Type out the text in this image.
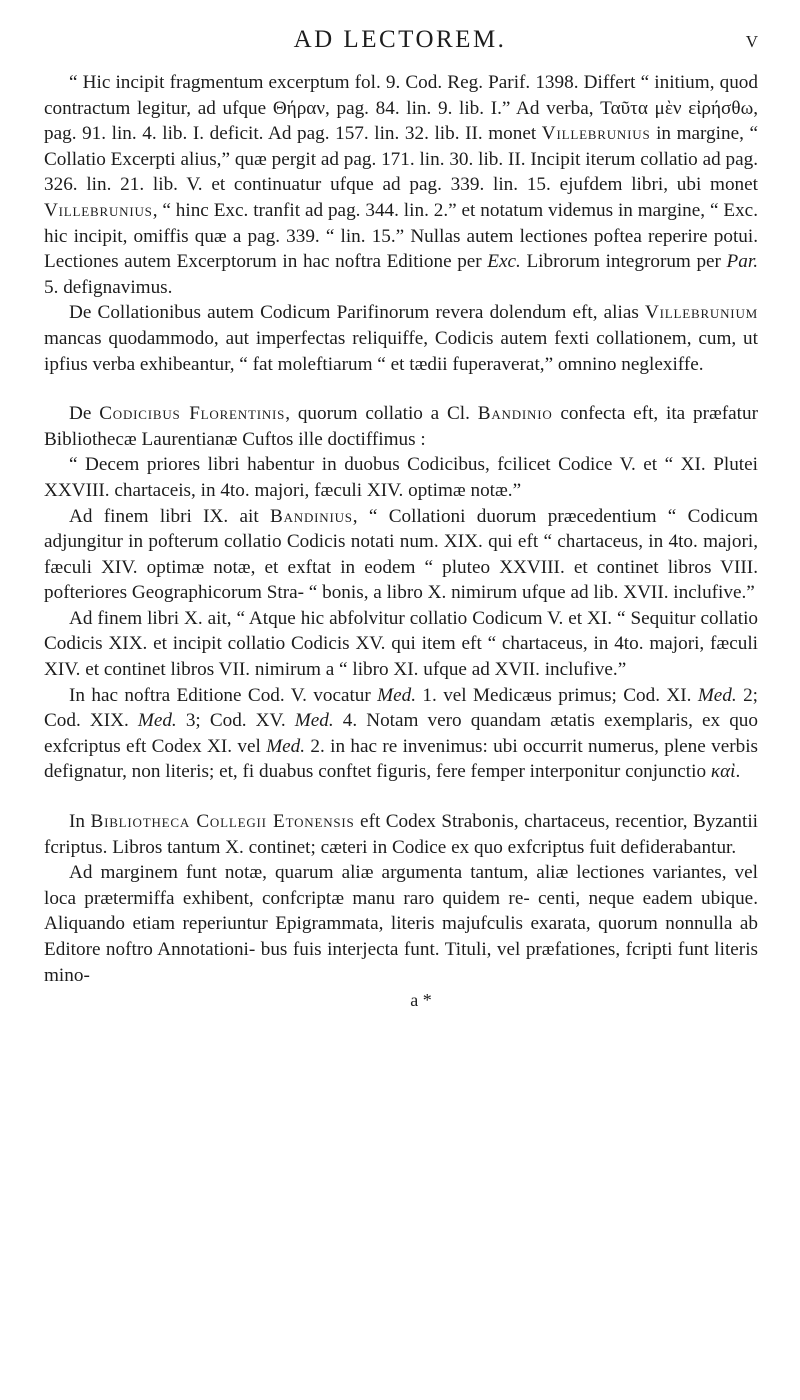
AD LECTOREM.	V

“ Hic incipit fragmentum excerptum fol. 9. Cod. Reg. Parif. 1398. Differt “ initium, quod contractum legitur, ad ufque Θήραν, pag. 84. lin. 9. lib. I.” Ad verba, Ταῦτα μὲν εἰρήσθω, pag. 91. lin. 4. lib. I. deficit. Ad pag. 157. lin. 32. lib. II. monet Villebrunius in margine, “ Collatio Excerpti alius,” quæ pergit ad pag. 171. lin. 30. lib. II. Incipit iterum collatio ad pag. 326. lin. 21. lib. V. et continuatur ufque ad pag. 339. lin. 15. ejufdem libri, ubi monet Villebrunius, “ hinc Exc. tranfit ad pag. 344. lin. 2.” et notatum videmus in margine, “ Exc. hic incipit, omiffis quæ a pag. 339. “ lin. 15.” Nullas autem lectiones poftea reperire potui. Lectiones autem Excerptorum in hac noftra Editione per Exc. Librorum integrorum per Par. 5. defignavimus.

De Collationibus autem Codicum Parifinorum revera dolendum eft, alias Villebrunium mancas quodammodo, aut imperfectas reliquiffe, Codicis autem fexti collationem, cum, ut ipfius verba exhibeantur, “ fat moleftiarum “ et tædii fuperaverat,” omnino neglexiffe.

De Codicibus Florentinis, quorum collatio a Cl. Bandinio confecta eft, ita præfatur Bibliothecæ Laurentianæ Cuftos ille doctiffimus :

“ Decem priores libri habentur in duobus Codicibus, fcilicet Codice V. et “ XI. Plutei XXVIII. chartaceis, in 4to. majori, fæculi XIV. optimæ notæ.”

Ad finem libri IX. ait Bandinius, “ Collationi duorum præcedentium “ Codicum adjungitur in pofterum collatio Codicis notati num. XIX. qui eft “ chartaceus, in 4to. majori, fæculi XIV. optimæ notæ, et exftat in eodem “ pluteo XXVIII. et continet libros VIII. pofteriores Geographicorum Stra- “ bonis, a libro X. nimirum ufque ad lib. XVII. inclufive.”

Ad finem libri X. ait, “ Atque hic abfolvitur collatio Codicum V. et XI. “ Sequitur collatio Codicis XIX. et incipit collatio Codicis XV. qui item eft “ chartaceus, in 4to. majori, fæculi XIV. et continet libros VII. nimirum a “ libro XI. ufque ad XVII. inclufive.”

In hac noftra Editione Cod. V. vocatur Med. 1. vel Medicæus primus; Cod. XI. Med. 2; Cod. XIX. Med. 3; Cod. XV. Med. 4. Notam vero quandam ætatis exemplaris, ex quo exfcriptus eft Codex XI. vel Med. 2. in hac re invenimus: ubi occurrit numerus, plene verbis defignatur, non literis; et, fi duabus conftet figuris, fere femper interponitur conjunctio καὶ.

In Bibliotheca Collegii Etonensis eft Codex Strabonis, chartaceus, recentior, Byzantii fcriptus. Libros tantum X. continet; cæteri in Codice ex quo exfcriptus fuit defiderabantur.

Ad marginem funt notæ, quarum aliæ argumenta tantum, aliæ lectiones variantes, vel loca prætermiffa exhibent, confcriptæ manu raro quidem re- centi, neque eadem ubique. Aliquando etiam reperiuntur Epigrammata, literis majufculis exarata, quorum nonnulla ab Editore noftro Annotationi- bus fuis interjecta funt. Tituli, vel præfationes, fcripti funt literis mino-

a *
